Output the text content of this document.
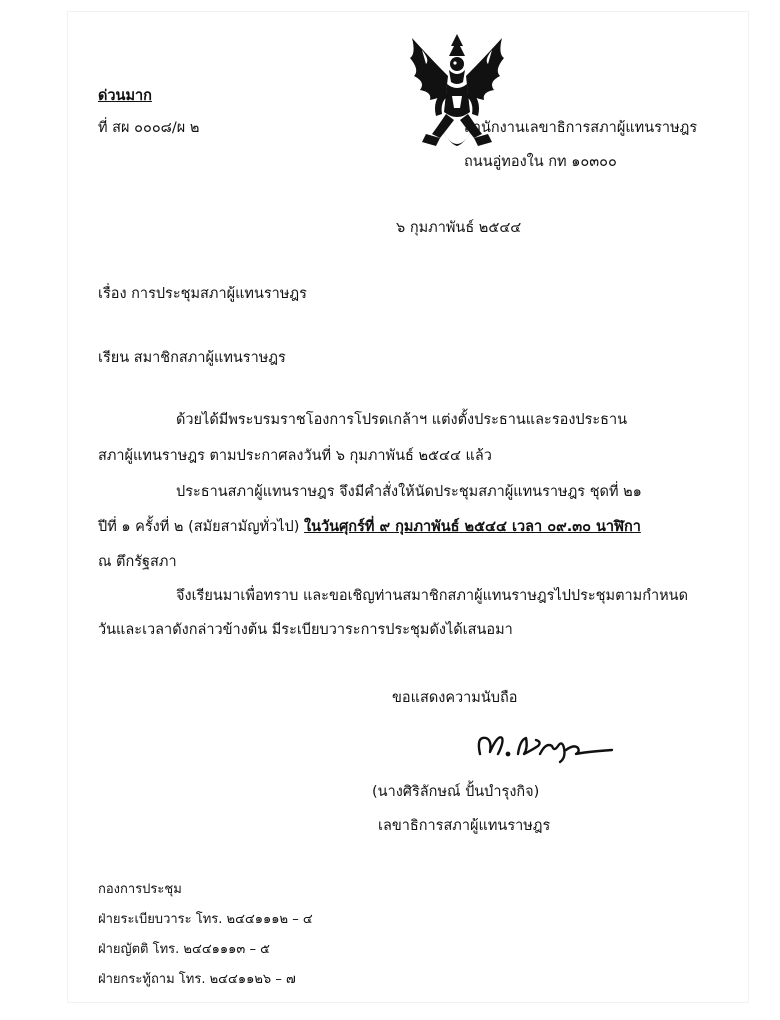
ด่วนมาก
ที่ สผ ๐๐๐๘/ผ ๒	สำนักงานเลขาธิการสภาผู้แทนราษฎร
ถนนอู่ทองใน กท ๑๐๓๐๐
๖ กุมภาพันธ์ ๒๕๔๔
เรื่อง การประชุมสภาผู้แทนราษฎร
เรียน สมาชิกสภาผู้แทนราษฎร
ด้วยได้มีพระบรมราชโองการโปรดเกล้าฯ แต่งตั้งประธานและรองประธาน
สภาผู้แทนราษฎร ตามประกาศลงวันที่ ๖ กุมภาพันธ์ ๒๕๔๔ แล้ว
ประธานสภาผู้แทนราษฎร จึงมีคำสั่งให้นัดประชุมสภาผู้แทนราษฎร ชุดที่ ๒๑
ปีที่ ๑ ครั้งที่ ๒ (สมัยสามัญทั่วไป) ในวันศุกร์ที่ ๙ กุมภาพันธ์ ๒๕๔๔ เวลา ๐๙.๓๐ นาฬิกา
ณ ตึกรัฐสภา
จึงเรียนมาเพื่อทราบ และขอเชิญท่านสมาชิกสภาผู้แทนราษฎรไปประชุมตามกำหนด
วันและเวลาดังกล่าวข้างต้น มีระเบียบวาระการประชุมดังได้เสนอมา
ขอแสดงความนับถือ
(นางศิริลักษณ์ ปั้นบำรุงกิจ)
เลขาธิการสภาผู้แทนราษฎร
กองการประชุม
ฝ่ายระเบียบวาระ โทร. ๒๔๔๑๑๑๒ – ๔
ฝ่ายญัตติ โทร. ๒๔๔๑๑๑๓ – ๕
ฝ่ายกระทู้ถาม โทร. ๒๔๔๑๑๒๖ – ๗
